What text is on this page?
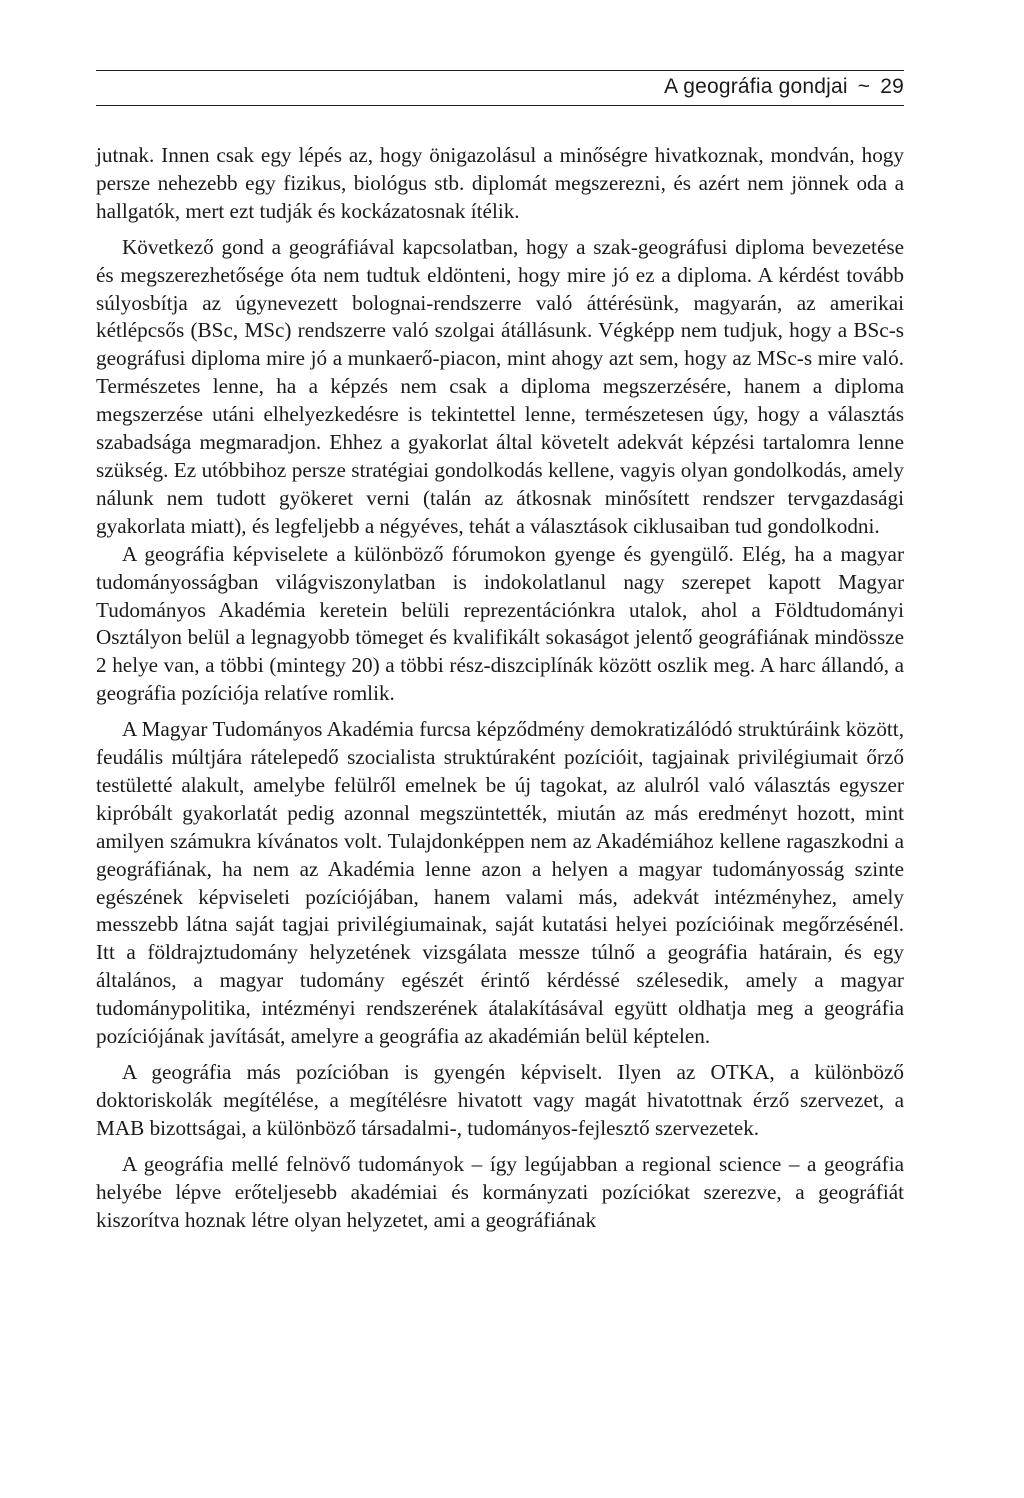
A geográfia gondjai ~ 29

jutnak. Innen csak egy lépés az, hogy önigazolásul a minőségre hivatkoznak, mondván, hogy persze nehezebb egy fizikus, biológus stb. diplomát megszerezni, és azért nem jönnek oda a hallgatók, mert ezt tudják és kockázatosnak ítélik.

Következő gond a geográfiával kapcsolatban, hogy a szak-geográfusi diploma bevezetése és megszerezhetősége óta nem tudtuk eldönteni, hogy mire jó ez a diploma. A kérdést tovább súlyosbítja az úgynevezett bolognai-rendszerre való áttérésünk, magyarán, az amerikai kétlépcsős (BSc, MSc) rendszerre való szolgai átállásunk. Végképp nem tudjuk, hogy a BSc-s geográfusi diploma mire jó a munkaerő-piacon, mint ahogy azt sem, hogy az MSc-s mire való. Természetes lenne, ha a képzés nem csak a diploma megszerzésére, hanem a diploma megszerzése utáni elhelyezkedésre is tekintettel lenne, természetesen úgy, hogy a választás szabadsága megmaradjon. Ehhez a gyakorlat által követelt adekvát képzési tartalomra lenne szükség. Ez utóbbihoz persze stratégiai gondolkodás kellene, vagyis olyan gondolkodás, amely nálunk nem tudott gyökeret verni (talán az átkosnak minősített rendszer tervgazdasági gyakorlata miatt), és legfeljebb a négyéves, tehát a választások ciklusaiban tud gondolkodni.

A geográfia képviselete a különböző fórumokon gyenge és gyengülő. Elég, ha a magyar tudományosságban világviszonylatban is indokolatlanul nagy szerepet kapott Magyar Tudományos Akadémia keretein belüli reprezentációnkra utalok, ahol a Földtudományi Osztályon belül a legnagyobb tömeget és kvalifikált sokaságot jelentő geográfiának mindössze 2 helye van, a többi (mintegy 20) a többi rész-diszciplínák között oszlik meg. A harc állandó, a geográfia pozíciója relatíve romlik.

A Magyar Tudományos Akadémia furcsa képződmény demokratizálódó struktúráink között, feudális múltjára rátelepedő szocialista struktúraként pozícióit, tagjainak privilégiumait őrző testületté alakult, amelybe felülről emelnek be új tagokat, az alulról való választás egyszer kipróbált gyakorlatát pedig azonnal megszüntették, miután az más eredményt hozott, mint amilyen számukra kívánatos volt. Tulajdonképpen nem az Akadémiához kellene ragaszkodni a geográfiának, ha nem az Akadémia lenne azon a helyen a magyar tudományosság szinte egészének képviseleti pozíciójában, hanem valami más, adekvát intézményhez, amely messzebb látna saját tagjai privilégiumainak, saját kutatási helyei pozícióinak megőrzésénél. Itt a földrajztudomány helyzetének vizsgálata messze túlnő a geográfia határain, és egy általános, a magyar tudomány egészét érintő kérdéssé szélesedik, amely a magyar tudománypolitika, intézményi rendszerének átalakításával együtt oldhatja meg a geográfia pozíciójának javítását, amelyre a geográfia az akadémián belül képtelen.

A geográfia más pozícióban is gyengén képviselt. Ilyen az OTKA, a különböző doktoriskolák megítélése, a megítélésre hivatott vagy magát hivatottnak érző szervezet, a MAB bizottságai, a különböző társadalmi-, tudományos-fejlesztő szervezetek.

A geográfia mellé felnövő tudományok – így legújabban a regional science – a geográfia helyébe lépve erőteljesebb akadémiai és kormányzati pozíciókat szerezve, a geográfiát kiszorítva hoznak létre olyan helyzetet, ami a geográfiának
